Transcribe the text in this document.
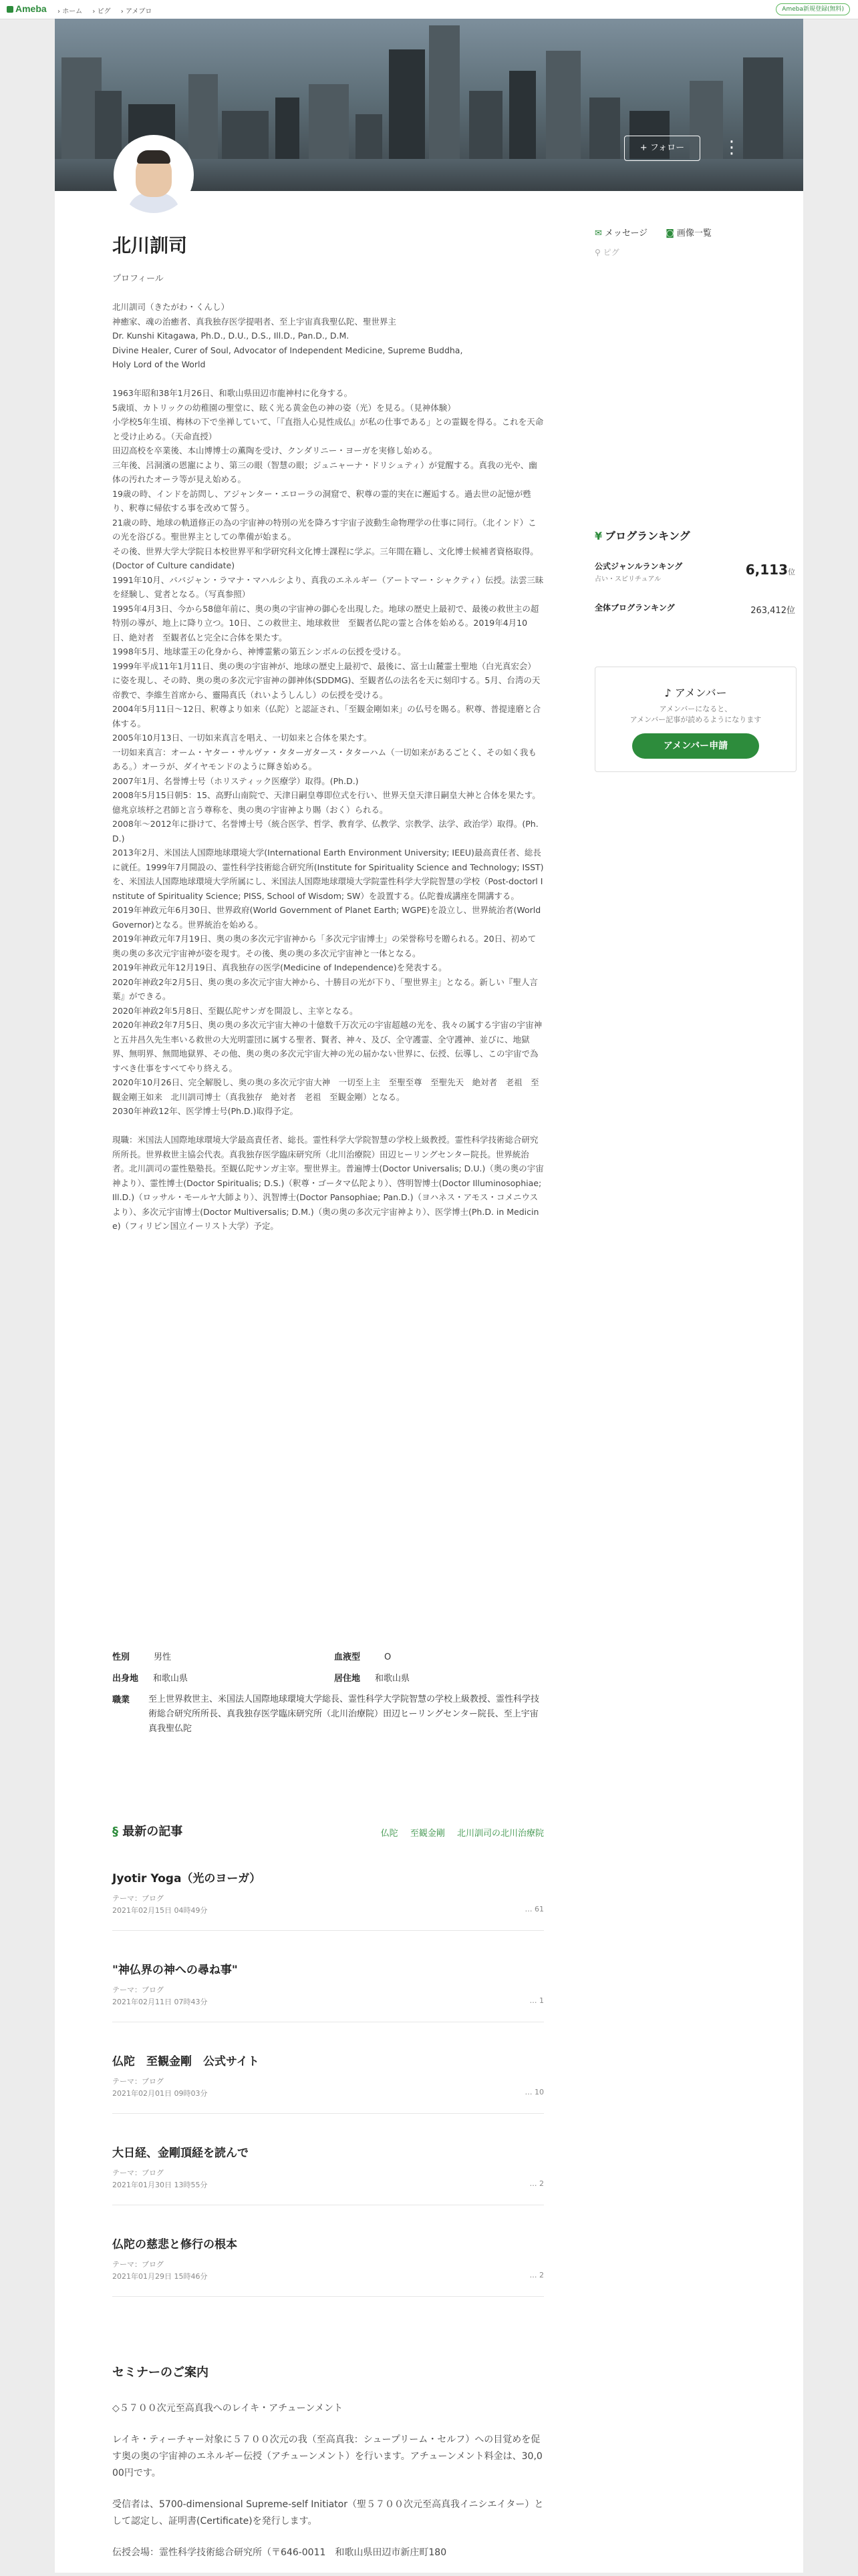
Ameba › ホーム › ピグ › アメブロ	Ameba新規登録(無料)
+ フォロー	⋮
北川訓司

プロフィール

北川訓司（きたがわ・くんし）
神癒家、魂の治癒者、真我独存医学提唱者、至上宇宙真我聖仏陀、聖世界主
Dr. Kunshi Kitagawa, Ph.D., D.U., D.S., Ill.D., Pan.D., D.M.
Divine Healer, Curer of Soul, Advocator of Independent Medicine, Supreme Buddha,
Holy Lord of the World

1963年昭和38年1月26日、和歌山県田辺市龍神村に化身する。
5歳頃、カトリックの幼稚園の聖堂に、眩く光る黄金色の神の姿（光）を見る。（見神体験）
小学校5年生頃、梅林の下で坐禅していて、「『直指人心見性成仏』が私の仕事である」との霊観を得る。これを天命と受け止める。（天命直授）
田辺高校を卒業後、本山博博士の薫陶を受け、クンダリニー・ヨーガを実修し始める。
三年後、呂洞濱の恩寵により、第三の眼（智慧の眼；ジュニャーナ・ドリシュティ）が覚醒する。真我の光や、幽体の汚れたオーラ等が見え始める。
19歳の時、インドを訪問し、アジャンター・エローラの洞窟で、釈尊の霊的実在に邂逅する。過去世の記憶が甦り、釈尊に帰依する事を改めて誓う。
21歳の時、地球の軌道修正の為の宇宙神の特別の光を降ろす宇宙子波動生命物理学の仕事に同行。（北インド）この光を浴びる。聖世界主としての準備が始まる。
その後、世界大学大学院日本校世界平和学研究科文化博士課程に学ぶ。三年間在籍し、文化博士候補者資格取得。(Doctor of Culture candidate)
1991年10月、ババジャン・ラマナ・マハルシより、真我のエネルギー（アートマー・シャクティ）伝授。法雲三昧を経験し、覚者となる。（写真参照）
1995年4月3日、今から58億年前に、奥の奥の宇宙神の御心を出現した。地球の歴史上最初で、最後の救世主の超特別の導が、地上に降り立つ。10日、この救世主、地球救世　至観者仏陀の霊と合体を始める。2019年4月10日、絶対者　至観者仏と完全に合体を果たす。
1998年5月、地球霊王の化身から、神博霊紫の第五シンボルの伝授を受ける。
1999年平成11年1月11日、奥の奥の宇宙神が、地球の歴史上最初で、最後に、富士山麓霊士聖地（白光真宏会）に姿を現し、その時、奥の奥の多次元宇宙神の御神体(SDDMG)、至観者仏の法名を天に刻印する。5月、台湾の天帝教で、李維生首席から、靈陽真氏（れいようしんし）の伝授を受ける。
2004年5月11日～12日、釈尊より如来（仏陀）と認証され、「至観金剛如来」の仏号を賜る。釈尊、普提達磨と合体する。
2005年10月13日、一切如来真言を唱え、一切如来と合体を果たす。
一切如来真言：オーム・ヤター・サルヴァ・タターガタース・タターハム（一切如来があるごとく、その如く我もある。）オーラが、ダイヤモンドのように輝き始める。
2007年1月、名誉博士号（ホリスティック医療学）取得。(Ph.D.)
2008年5月15日朝5：15、高野山南院で、天津日嗣皇尊即位式を行い、世界天皇天津日嗣皇大神と合体を果たす。億兆京垓杼之君師と言う尊称を、奥の奥の宇宙神より賜（おく）られる。
2008年～2012年に掛けて、名誉博士号（統合医学、哲学、教育学、仏教学、宗教学、法学、政治学）取得。(Ph.D.)
2013年2月、米国法人国際地球環境大学(International Earth Environment University; IEEU)最高責任者、総長に就任。1999年7月開設の、霊性科学技術総合研究所(Institute for Spirituality Science and Technology; ISST)を、米国法人国際地球環境大学所属にし、米国法人国際地球環境大学院霊性科学大学院智慧の学校（Post-doctorl Institute of Spirituality Science; PISS, School of Wisdom; SW）を設置する。仏陀養成講座を開講する。
2019年神政元年6月30日、世界政府(World Government of Planet Earth; WGPE)を設立し、世界統治者(World Governor)となる。世界統治を始める。
2019年神政元年7月19日、奥の奥の多次元宇宙神から「多次元宇宙博士」の栄誉称号を贈られる。20日、初めて奥の奥の多次元宇宙神が姿を現す。その後、奥の奥の多次元宇宙神と一体となる。
2019年神政元年12月19日、真我独存の医学(Medicine of Independence)を発表する。
2020年神政2年2月5日、奥の奥の多次元宇宙大神から、十勝目の光が下り、「聖世界主」となる。新しい『聖人言葉』ができる。
2020年神政2年5月8日、至観仏陀サンガを開設し、主宰となる。
2020年神政2年7月5日、奥の奥の多次元宇宙大神の十億数千万次元の宇宙超越の光を、我々の属する宇宙の宇宙神と五井昌久先生率いる救世の大光明霊団に属する聖者、賢者、神々、及び、全守護霊、全守護神、並びに、地獄界、無明界、無間地獄界、その他、奥の奥の多次元宇宙大神の光の届かない世界に、伝授、伝導し、この宇宙で為すべき仕事をすべてやり終える。
2020年10月26日、完全解脱し、奥の奥の多次元宇宙大神　一切至上主　至聖至尊　至聖先天　絶対者　老祖　至観金剛王如来　北川訓司博士（真我独存　絶対者　老祖　至観金剛）となる。
2030年神政12年、医学博士号(Ph.D.)取得予定。

現職：米国法人国際地球環境大学最高責任者、総長。霊性科学大学院智慧の学校上級教授。霊性科学技術総合研究所所長。世界救世主協会代表。真我独存医学臨床研究所（北川治療院）田辺ヒーリングセンター院長。世界統治者。北川訓司の霊性塾塾長。至観仏陀サンガ主宰。聖世界主。普遍博士(Doctor Universalis; D.U.)（奥の奥の宇宙神より）、霊性博士(Doctor Spiritualis; D.S.)（釈尊・ゴータマ仏陀より）、啓明智博士(Doctor Illuminosophiae; Ill.D.)（ロッサル・モールヤ大師より）、汎智博士(Doctor Pansophiae; Pan.D.)（ヨハネス・アモス・コメニウスより）、多次元宇宙博士(Doctor Multiversalis; D.M.)（奥の奥の多次元宇宙神より）、医学博士(Ph.D. in Medicine)（フィリピン国立イーリスト大学）予定。

✉ メッセージ ◙ 画像一覧
⚲ ピグ
¥ ブログランキング
公式ジャンルランキング
占い・スピリチュアル
6,113位
全体ブログランキング	263,412位
♪ アメンバー
アメンバーになると、
アメンバー記事が読めるようになります
アメンバー申請
性別	男性	血液型	O
出身地 和歌山県	居住地 和歌山県
職業 至上世界救世主、米国法人国際地球環境大学総長、霊性科学大学院智慧の学校上級教授、霊性科学技術総合研究所所長、真我独存医学臨床研究所（北川治療院）田辺ヒーリングセンター院長、至上宇宙真我聖仏陀
§ 最新の記事	仏陀 至観金剛 北川訓司の北川治療院
Jyotir Yoga（光のヨーガ）
テーマ：ブログ
2021年02月15日 04時49分	… 61
"神仏界の神への尋ね事"
テーマ：ブログ
2021年02月11日 07時43分	… 1
仏陀　至観金剛　公式サイト
テーマ：ブログ
2021年02月01日 09時03分	… 10
大日経、金剛頂経を読んで
テーマ：ブログ
2021年01月30日 13時55分	… 2
仏陀の慈悲と修行の根本
テーマ：ブログ
2021年01月29日 15時46分	… 2
セミナーのご案内

◇５７００次元至高真我へのレイキ・アチューンメント

レイキ・ティーチャー対象に５７００次元の我（至高真我：シュープリーム・セルフ）への目覚めを促す奥の奥の宇宙神のエネルギー伝授（アチューンメント）を行います。アチューンメント料金は、30,000円です。

受信者は、5700-dimensional Supreme-self Initiator（聖５７００次元至高真我イニシエイター）として認定し、証明書(Certificate)を発行します。

伝授会場：霊性科学技術総合研究所（〒646-0011　和歌山県田辺市新庄町180
